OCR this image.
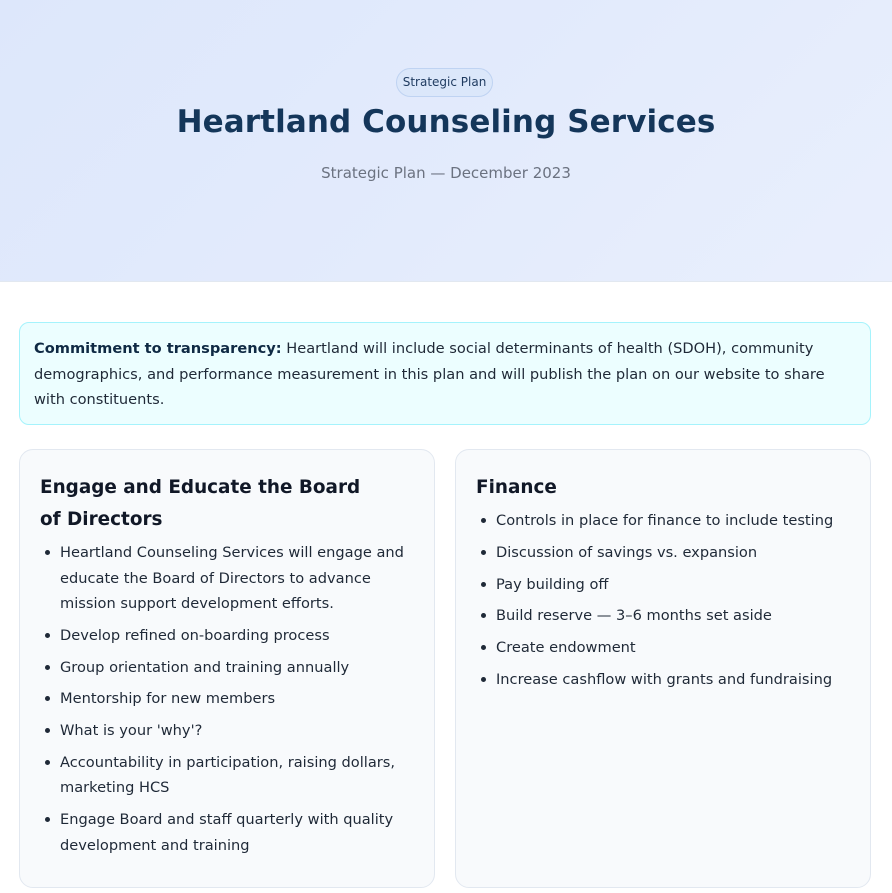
Strategic Plan
Heartland Counseling Services
Strategic Plan — December 2023
Commitment to transparency: Heartland will include social determinants of health (SDOH), community demographics, and performance measurement in this plan and will publish the plan on our website to share with constituents.
Engage and Educate the Board of Directors
Heartland Counseling Services will engage and educate the Board of Directors to advance mission support development efforts.
Develop refined on-boarding process
Group orientation and training annually
Mentorship for new members
What is your 'why'?
Accountability in participation, raising dollars, marketing HCS
Engage Board and staff quarterly with quality development and training
Finance
Controls in place for finance to include testing
Discussion of savings vs. expansion
Pay building off
Build reserve — 3–6 months set aside
Create endowment
Increase cashflow with grants and fundraising
